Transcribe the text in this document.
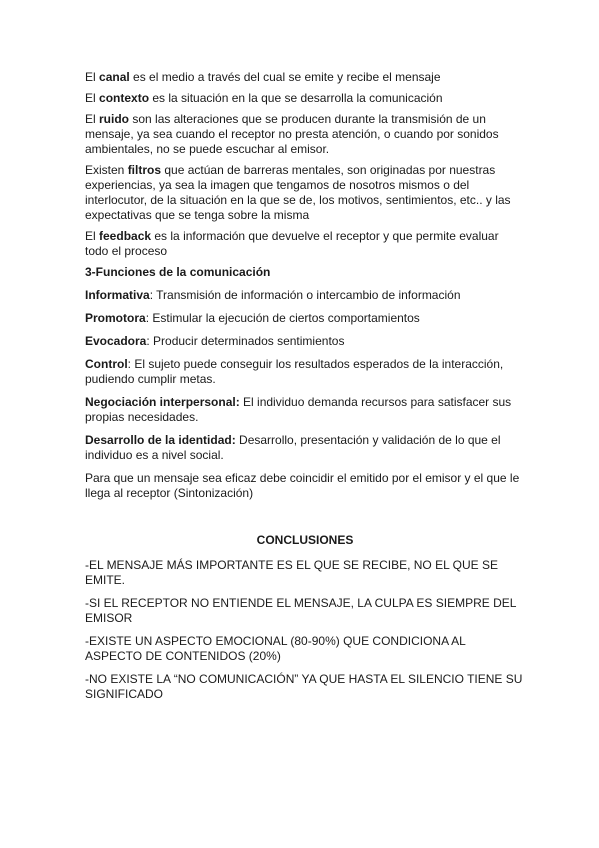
El canal es el medio a través del cual se emite y recibe el mensaje

El contexto es la situación en la que se desarrolla la comunicación

El ruido son las alteraciones que se producen durante la transmisión de un mensaje, ya sea cuando el receptor no presta atención, o cuando por sonidos ambientales, no se puede escuchar al emisor.

Existen filtros que actúan de barreras mentales, son originadas por nuestras experiencias, ya sea la imagen que tengamos de nosotros mismos o del interlocutor, de la situación en la que se de, los motivos, sentimientos, etc.. y las expectativas que se tenga sobre la misma

El feedback es la información que devuelve el receptor y que permite evaluar todo el proceso

3-Funciones de la comunicación

Informativa: Transmisión de información o intercambio de información

Promotora: Estimular la ejecución de ciertos comportamientos

Evocadora: Producir determinados sentimientos

Control: El sujeto puede conseguir los resultados esperados de la interacción, pudiendo cumplir metas.

Negociación interpersonal: El individuo demanda recursos para satisfacer sus propias necesidades.

Desarrollo de la identidad: Desarrollo, presentación y validación de lo que el individuo es a nivel social.

Para que un mensaje sea eficaz debe coincidir el emitido por el emisor y el que le llega al receptor (Sintonización)

CONCLUSIONES

-EL MENSAJE MÁS IMPORTANTE ES EL QUE SE RECIBE, NO EL QUE SE EMITE.

-SI EL RECEPTOR NO ENTIENDE EL MENSAJE, LA CULPA ES SIEMPRE DEL EMISOR

-EXISTE UN ASPECTO EMOCIONAL (80-90%) QUE CONDICIONA AL ASPECTO DE CONTENIDOS (20%)

-NO EXISTE LA “NO COMUNICACIÓN” YA QUE HASTA EL SILENCIO TIENE SU SIGNIFICADO
